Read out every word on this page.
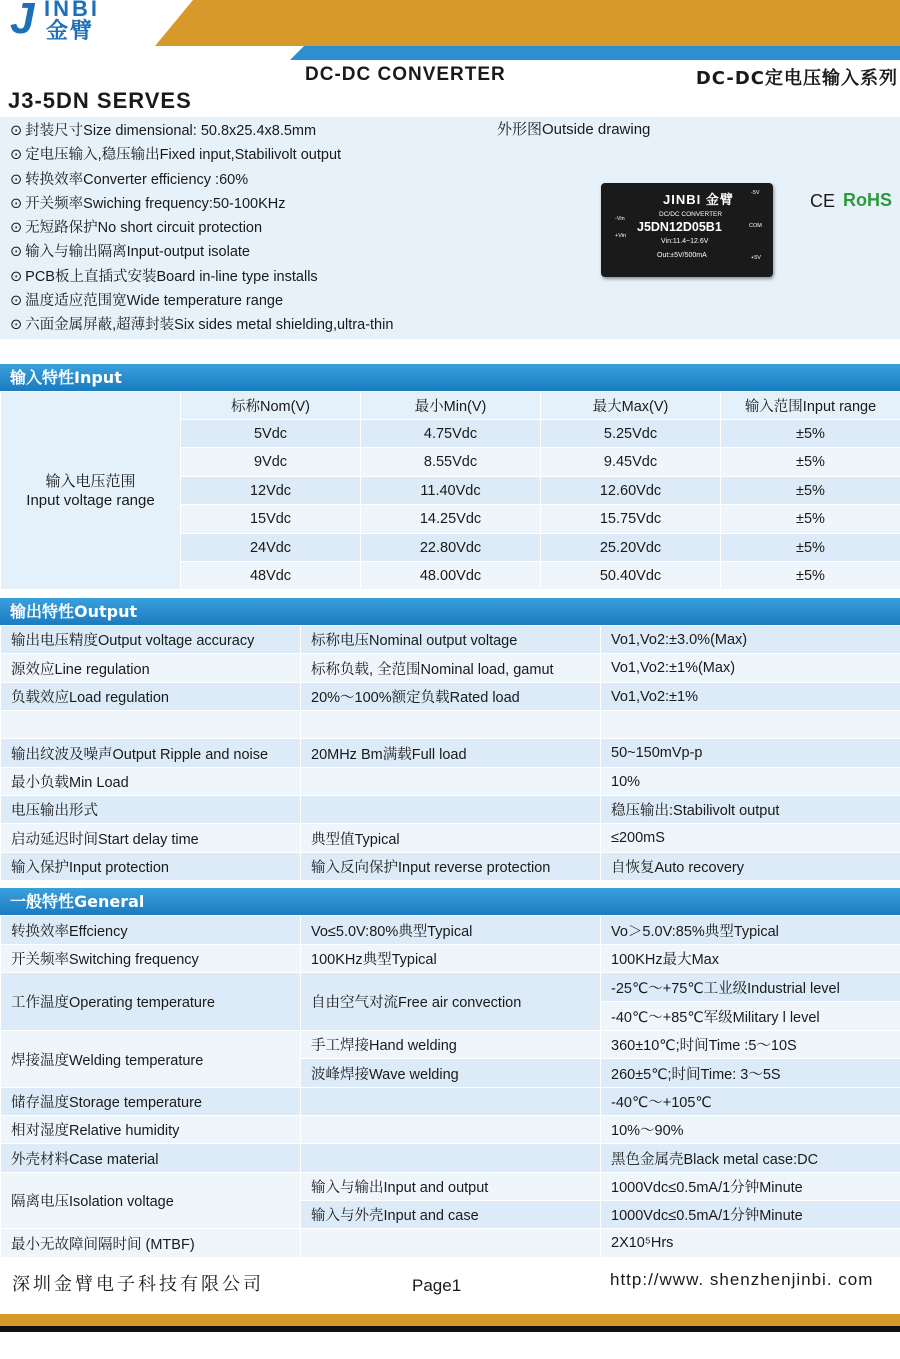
J INBI
金臂
DC-DC CONVERTER	DC-DC定电压输入系列
J3-5DN SERVES
⊙ 封装尺寸Size dimensional: 50.8x25.4x8.5mm
⊙ 定电压输入,稳压输出Fixed input,Stabilivolt output
⊙ 转换效率Converter efficiency :60%
⊙ 开关频率Swiching frequency:50-100KHz
⊙ 无短路保护No short circuit protection
⊙ 输入与输出隔离Input-output isolate
⊙ PCB板上直插式安装Board in-line type installs
⊙ 温度适应范围宽Wide temperature range
⊙ 六面金属屏蔽,超薄封装Six sides metal shielding,ultra-thin
外形图Outside drawing
JINBI 金臂
DC/DC CONVERTER
J5DN12D05B1
Vin:11.4~12.6V
Out:±5V/500mA
-Vin
+Vin
-5V
COM
+5V
CE RoHS
输入特性Input
输入电压范围
Input voltage range	标称Nom(V)	最小Min(V)	最大Max(V)	输入范围Input range
	5Vdc	4.75Vdc	5.25Vdc	±5%
	9Vdc	8.55Vdc	9.45Vdc	±5%
	12Vdc	11.40Vdc	12.60Vdc	±5%
	15Vdc	14.25Vdc	15.75Vdc	±5%
	24Vdc	22.80Vdc	25.20Vdc	±5%
	48Vdc	48.00Vdc	50.40Vdc	±5%
输出特性Output
输出电压精度Output voltage accuracy	标称电压Nominal output voltage	Vo1,Vo2:±3.0%(Max)
源效应Line regulation	标称负载, 全范围Nominal load, gamut	Vo1,Vo2:±1%(Max)
负载效应Load regulation	20%～100%额定负载Rated load	Vo1,Vo2:±1%

输出纹波及噪声Output Ripple and noise	20MHz Bm满载Full load	50~150mVp-p
最小负载Min Load		10%
电压输出形式		稳压输出:Stabilivolt output
启动延迟时间Start delay time	典型值Typical	≤200mS
输入保护Input protection	输入反向保护Input reverse protection	自恢复Auto recovery
一般特性General
转换效率Effciency	Vo≤5.0V:80%典型Typical	Vo＞5.0V:85%典型Typical
开关频率Switching frequency	100KHz典型Typical	100KHz最大Max
工作温度Operating temperature	自由空气对流Free air convection	-25℃～+75℃工业级Industrial level
		-40℃～+85℃军级Military l level
焊接温度Welding temperature	手工焊接Hand welding	360±10℃;时间Time :5～10S
	波峰焊接Wave welding	260±5℃;时间Time: 3～5S
储存温度Storage temperature		-40℃～+105℃
相对湿度Relative humidity		10%～90%
外壳材料Case material		黑色金属壳Black metal case:DC
隔离电压Isolation voltage	输入与输出Input and output	1000Vdc≤0.5mA/1分钟Minute
	输入与外壳Input and case	1000Vdc≤0.5mA/1分钟Minute
最小无故障间隔时间 (MTBF)		2X10⁵Hrs
深圳金臂电子科技有限公司	Page1	http://www. shenzhenjinbi. com
